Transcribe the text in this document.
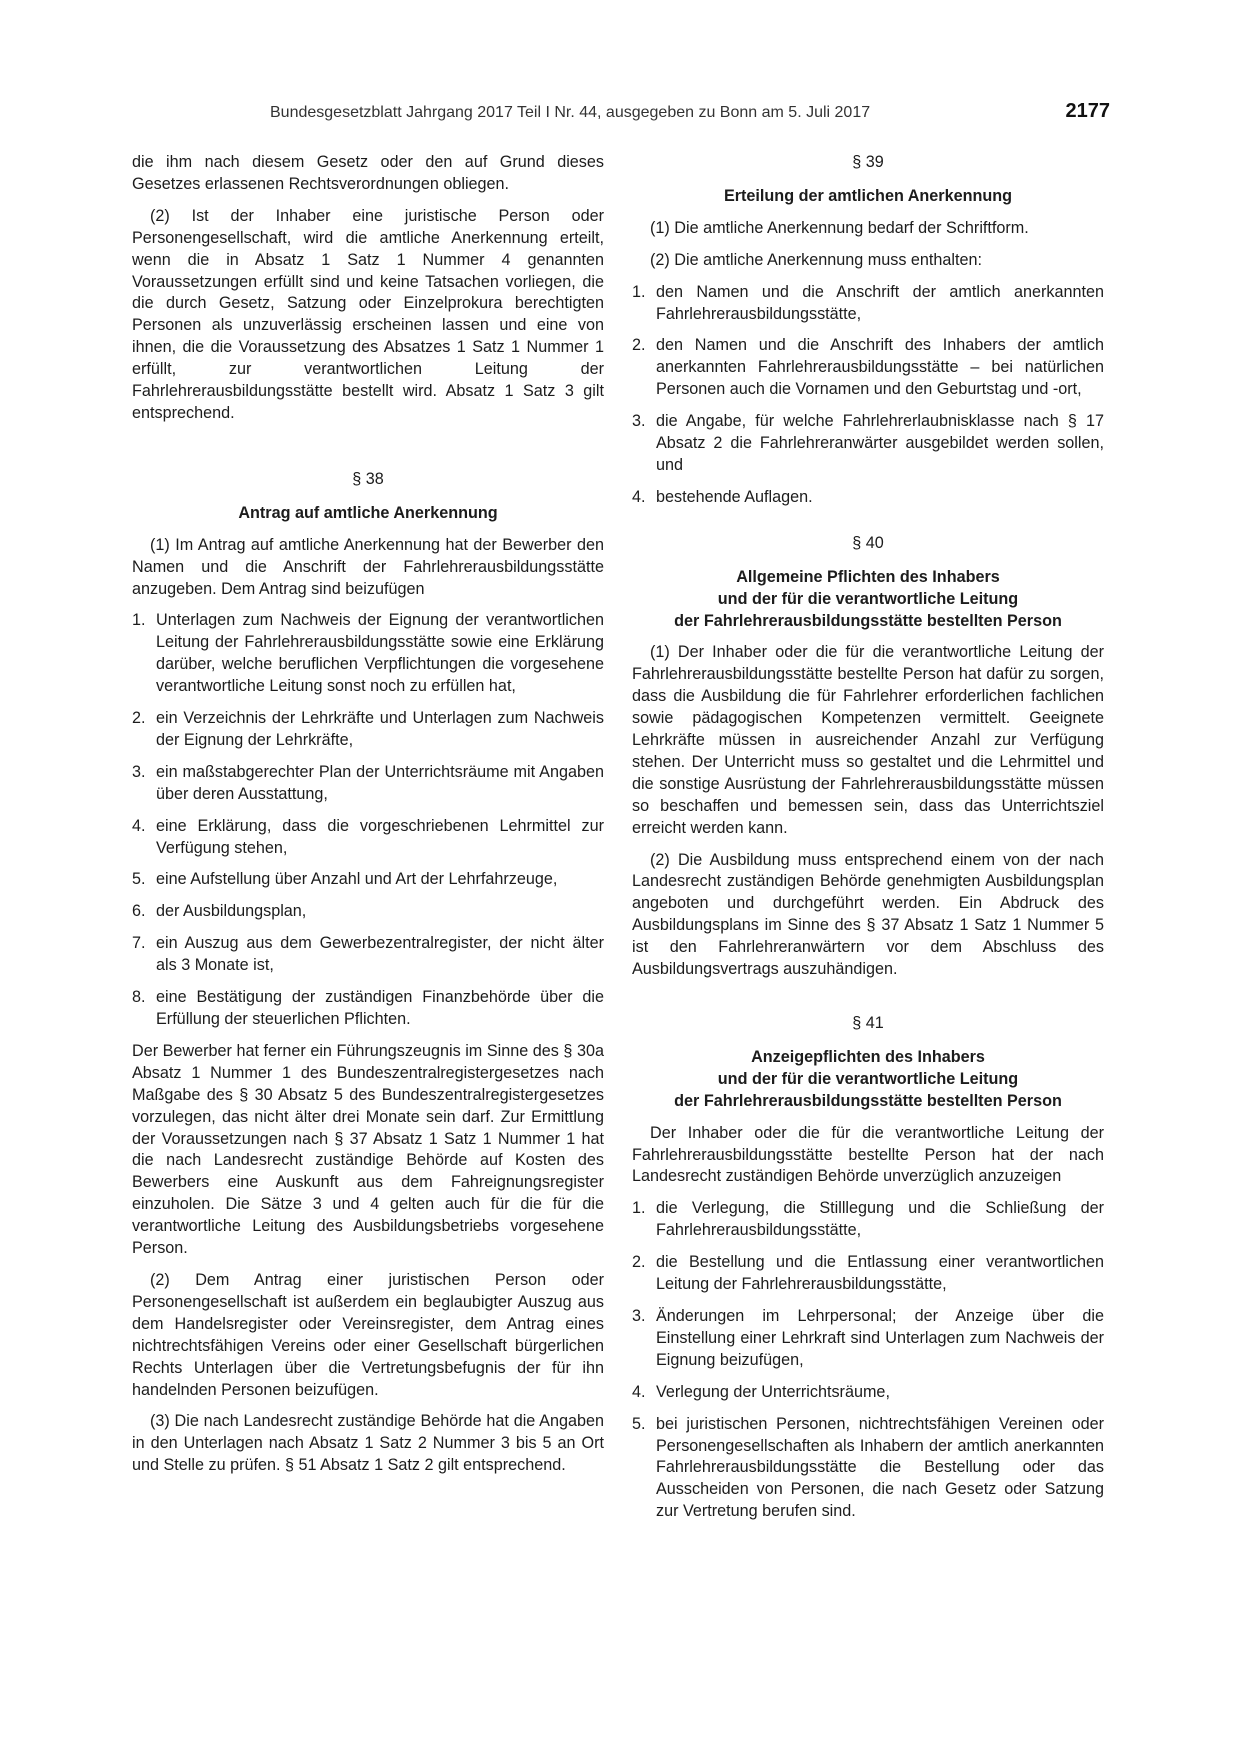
Bundesgesetzblatt Jahrgang 2017 Teil I Nr. 44, ausgegeben zu Bonn am 5. Juli 2017	2177

die ihm nach diesem Gesetz oder den auf Grund dieses Gesetzes erlassenen Rechtsverordnungen obliegen.

(2) Ist der Inhaber eine juristische Person oder Personengesellschaft, wird die amtliche Anerkennung erteilt, wenn die in Absatz 1 Satz 1 Nummer 4 genannten Voraussetzungen erfüllt sind und keine Tatsachen vorliegen, die die durch Gesetz, Satzung oder Einzelprokura berechtigten Personen als unzuverlässig erscheinen lassen und eine von ihnen, die die Voraussetzung des Absatzes 1 Satz 1 Nummer 1 erfüllt, zur verantwortlichen Leitung der Fahrlehrerausbildungsstätte bestellt wird. Absatz 1 Satz 3 gilt entsprechend.

§ 38
Antrag auf amtliche Anerkennung

(1) Im Antrag auf amtliche Anerkennung hat der Bewerber den Namen und die Anschrift der Fahrlehrerausbildungsstätte anzugeben. Dem Antrag sind beizufügen

1. Unterlagen zum Nachweis der Eignung der verantwortlichen Leitung der Fahrlehrerausbildungsstätte sowie eine Erklärung darüber, welche beruflichen Verpflichtungen die vorgesehene verantwortliche Leitung sonst noch zu erfüllen hat,
2. ein Verzeichnis der Lehrkräfte und Unterlagen zum Nachweis der Eignung der Lehrkräfte,
3. ein maßstabgerechter Plan der Unterrichtsräume mit Angaben über deren Ausstattung,
4. eine Erklärung, dass die vorgeschriebenen Lehrmittel zur Verfügung stehen,
5. eine Aufstellung über Anzahl und Art der Lehrfahrzeuge,
6. der Ausbildungsplan,
7. ein Auszug aus dem Gewerbezentralregister, der nicht älter als 3 Monate ist,
8. eine Bestätigung der zuständigen Finanzbehörde über die Erfüllung der steuerlichen Pflichten.

Der Bewerber hat ferner ein Führungszeugnis im Sinne des § 30a Absatz 1 Nummer 1 des Bundeszentralregistergesetzes nach Maßgabe des § 30 Absatz 5 des Bundeszentralregistergesetzes vorzulegen, das nicht älter drei Monate sein darf. Zur Ermittlung der Voraussetzungen nach § 37 Absatz 1 Satz 1 Nummer 1 hat die nach Landesrecht zuständige Behörde auf Kosten des Bewerbers eine Auskunft aus dem Fahreignungsregister einzuholen. Die Sätze 3 und 4 gelten auch für die für die verantwortliche Leitung des Ausbildungsbetriebs vorgesehene Person.

(2) Dem Antrag einer juristischen Person oder Personengesellschaft ist außerdem ein beglaubigter Auszug aus dem Handelsregister oder Vereinsregister, dem Antrag eines nichtrechtsfähigen Vereins oder einer Gesellschaft bürgerlichen Rechts Unterlagen über die Vertretungsbefugnis der für ihn handelnden Personen beizufügen.

(3) Die nach Landesrecht zuständige Behörde hat die Angaben in den Unterlagen nach Absatz 1 Satz 2 Nummer 3 bis 5 an Ort und Stelle zu prüfen. § 51 Absatz 1 Satz 2 gilt entsprechend.

§ 39
Erteilung der amtlichen Anerkennung

(1) Die amtliche Anerkennung bedarf der Schriftform.

(2) Die amtliche Anerkennung muss enthalten:

1. den Namen und die Anschrift der amtlich anerkannten Fahrlehrerausbildungsstätte,
2. den Namen und die Anschrift des Inhabers der amtlich anerkannten Fahrlehrerausbildungsstätte – bei natürlichen Personen auch die Vornamen und den Geburtstag und -ort,
3. die Angabe, für welche Fahrlehrerlaubnisklasse nach § 17 Absatz 2 die Fahrlehreranwärter ausgebildet werden sollen, und
4. bestehende Auflagen.
§ 40
Allgemeine Pflichten des Inhabers
und der für die verantwortliche Leitung
der Fahrlehrerausbildungsstätte bestellten Person

(1) Der Inhaber oder die für die verantwortliche Leitung der Fahrlehrerausbildungsstätte bestellte Person hat dafür zu sorgen, dass die Ausbildung die für Fahrlehrer erforderlichen fachlichen sowie pädagogischen Kompetenzen vermittelt. Geeignete Lehrkräfte müssen in ausreichender Anzahl zur Verfügung stehen. Der Unterricht muss so gestaltet und die Lehrmittel und die sonstige Ausrüstung der Fahrlehrerausbildungsstätte müssen so beschaffen und bemessen sein, dass das Unterrichtsziel erreicht werden kann.

(2) Die Ausbildung muss entsprechend einem von der nach Landesrecht zuständigen Behörde genehmigten Ausbildungsplan angeboten und durchgeführt werden. Ein Abdruck des Ausbildungsplans im Sinne des § 37 Absatz 1 Satz 1 Nummer 5 ist den Fahrlehreranwärtern vor dem Abschluss des Ausbildungsvertrags auszuhändigen.

§ 41
Anzeigepflichten des Inhabers
und der für die verantwortliche Leitung
der Fahrlehrerausbildungsstätte bestellten Person

Der Inhaber oder die für die verantwortliche Leitung der Fahrlehrerausbildungsstätte bestellte Person hat der nach Landesrecht zuständigen Behörde unverzüglich anzuzeigen

1. die Verlegung, die Stilllegung und die Schließung der Fahrlehrerausbildungsstätte,
2. die Bestellung und die Entlassung einer verantwortlichen Leitung der Fahrlehrerausbildungsstätte,
3. Änderungen im Lehrpersonal; der Anzeige über die Einstellung einer Lehrkraft sind Unterlagen zum Nachweis der Eignung beizufügen,
4. Verlegung der Unterrichtsräume,
5. bei juristischen Personen, nichtrechtsfähigen Vereinen oder Personengesellschaften als Inhabern der amtlich anerkannten Fahrlehrerausbildungsstätte die Bestellung oder das Ausscheiden von Personen, die nach Gesetz oder Satzung zur Vertretung berufen sind.
